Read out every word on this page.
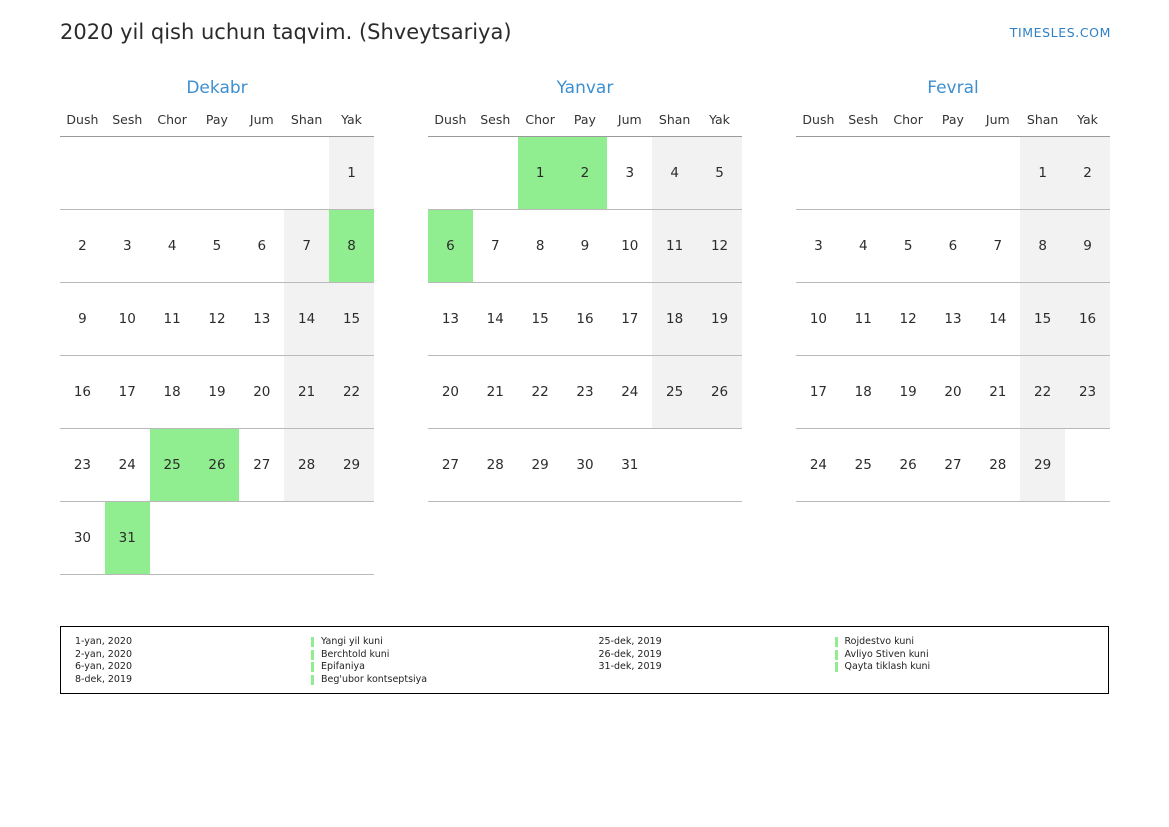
2020 yil qish uchun taqvim. (Shveytsariya)	TIMESLES.COM
Dekabr
Dush	Sesh	Chor	Pay	Jum	Shan	Yak
						1
2	3	4	5	6	7	8
9	10	11	12	13	14	15
16	17	18	19	20	21	22
23	24	25	26	27	28	29
30	31					
Yanvar
Dush	Sesh	Chor	Pay	Jum	Shan	Yak
		1	2	3	4	5
6	7	8	9	10	11	12
13	14	15	16	17	18	19
20	21	22	23	24	25	26
27	28	29	30	31		
Fevral
Dush	Sesh	Chor	Pay	Jum	Shan	Yak
					1	2
3	4	5	6	7	8	9
10	11	12	13	14	15	16
17	18	19	20	21	22	23
24	25	26	27	28	29	
1-yan, 2020	Yangi yil kuni
2-yan, 2020	Berchtold kuni
6-yan, 2020	Epifaniya
8-dek, 2019	Beg'ubor kontseptsiya
25-dek, 2019	Rojdestvo kuni
26-dek, 2019	Avliyo Stiven kuni
31-dek, 2019	Qayta tiklash kuni
